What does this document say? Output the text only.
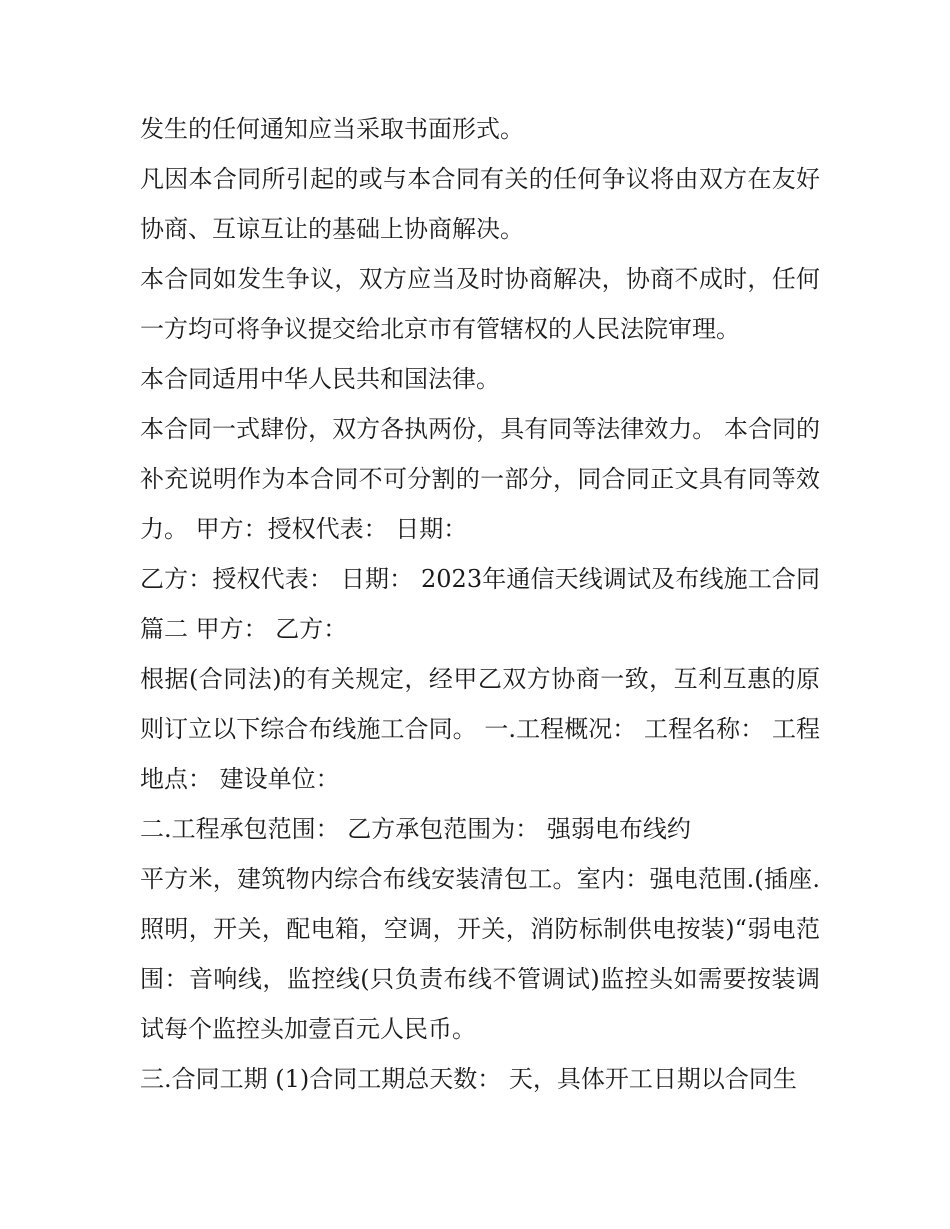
发生的任何通知应当采取书面形式。

凡因本合同所引起的或与本合同有关的任何争议将由双方在友好协商、互谅互让的基础上协商解决。

本合同如发生争议，双方应当及时协商解决，协商不成时，任何一方均可将争议提交给北京市有管辖权的人民法院审理。

本合同适用中华人民共和国法律。

本合同一式肆份，双方各执两份，具有同等法律效力。 本合同的补充说明作为本合同不可分割的一部分，同合同正文具有同等效力。 甲方：授权代表： 日期：

乙方：授权代表： 日期： 2023年通信天线调试及布线施工合同篇二 甲方： 乙方：

根据(合同法)的有关规定，经甲乙双方协商一致，互利互惠的原则订立以下综合布线施工合同。 一.工程概况： 工程名称： 工程地点： 建设单位：

二.工程承包范围： 乙方承包范围为： 强弱电布线约

平方米，建筑物内综合布线安装清包工。室内：强电范围.(插座.照明，开关，配电箱，空调，开关，消防标制供电按装)“弱电范围：音响线，监控线(只负责布线不管调试)监控头如需要按装调试每个监控头加壹百元人民币。

三.合同工期 (1)合同工期总天数： 天，具体开工日期以合同生
